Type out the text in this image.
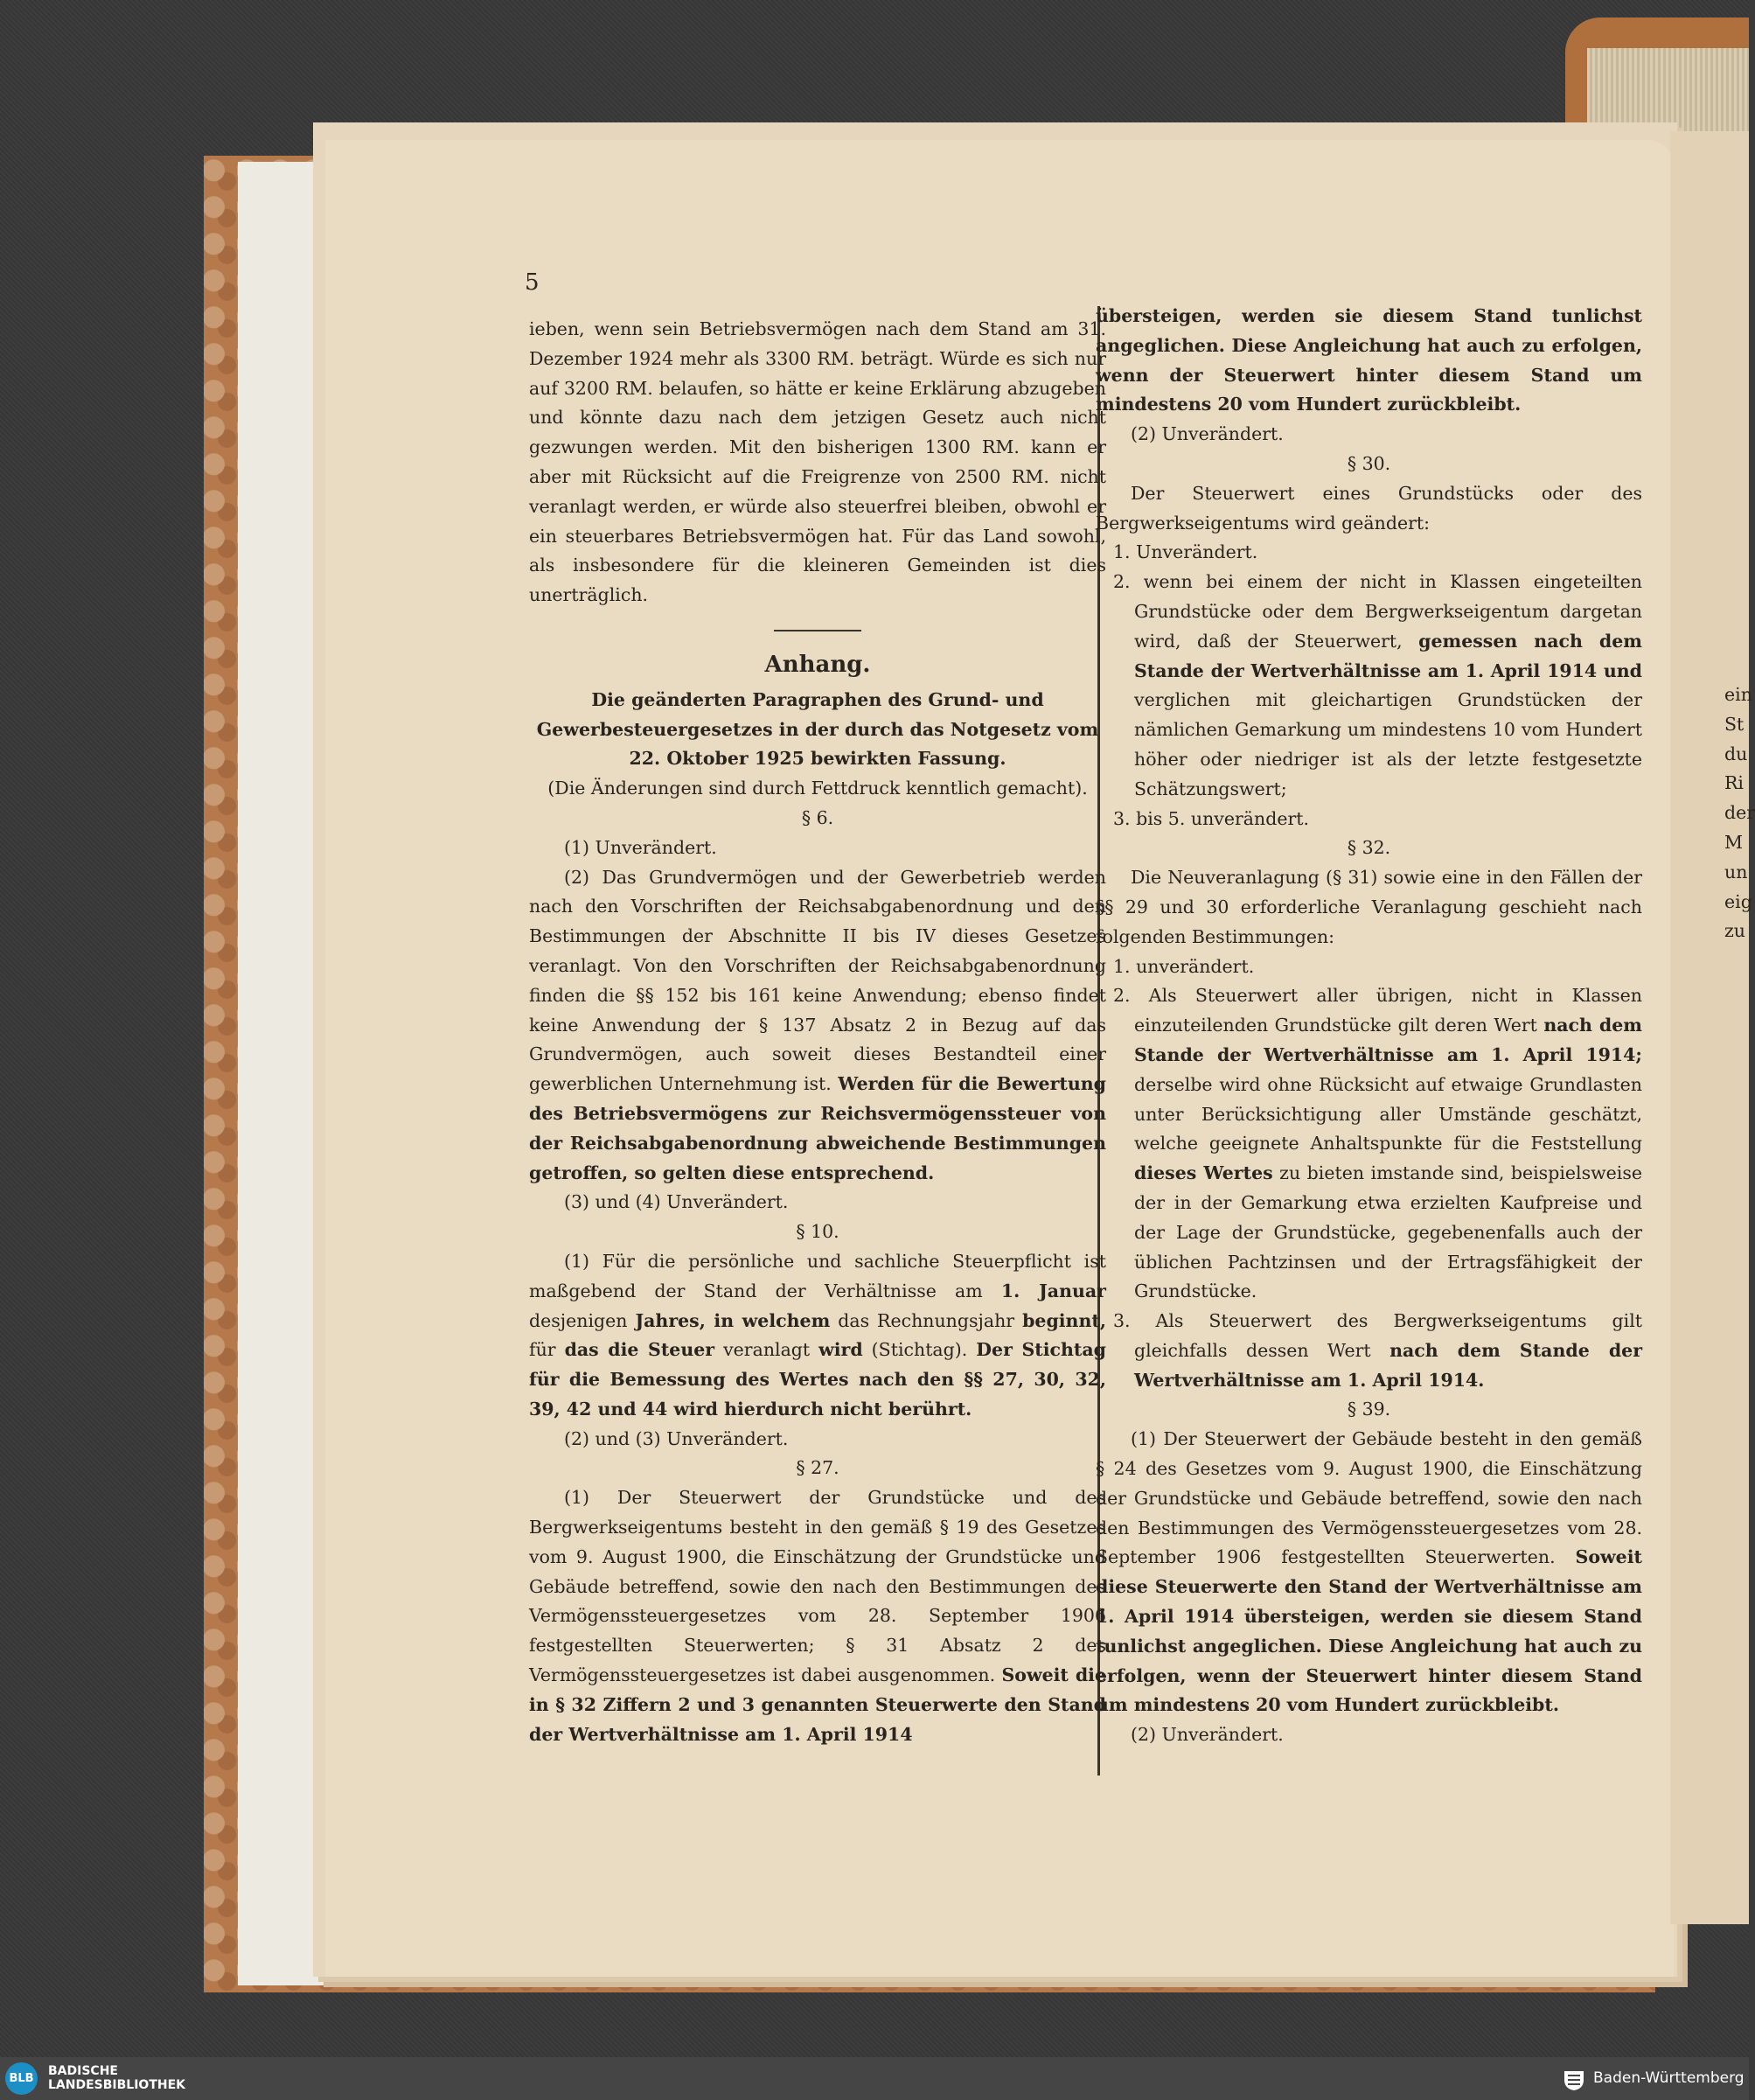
ein
St
du
Ri
der
M
un
eig
zu
5

ieben, wenn sein Betriebsvermögen nach dem Stand am 31. Dezember 1924 mehr als 3300 RM. beträgt. Würde es sich nur auf 3200 RM. belaufen, so hätte er keine Erklärung abzugeben und könnte dazu nach dem jetzigen Gesetz auch nicht gezwungen werden. Mit den bisherigen 1300 RM. kann er aber mit Rücksicht auf die Freigrenze von 2500 RM. nicht veranlagt werden, er würde also steuerfrei bleiben, obwohl er ein steuerbares Betriebsvermögen hat. Für das Land sowohl, als insbesondere für die kleineren Gemeinden ist dies unerträglich.

Anhang.

Die geänderten Paragraphen des Grund- und Gewerbesteuergesetzes in der durch das Notgesetz vom 22. Oktober 1925 bewirkten Fassung.

(Die Änderungen sind durch Fettdruck kenntlich gemacht).

§ 6.

(1) Unverändert.

(2) Das Grundvermögen und der Gewerbetrieb werden nach den Vorschriften der Reichsabgabenordnung und den Bestimmungen der Abschnitte II bis IV dieses Gesetzes veranlagt. Von den Vorschriften der Reichsabgabenordnung finden die §§ 152 bis 161 keine Anwendung; ebenso findet keine Anwendung der § 137 Absatz 2 in Bezug auf das Grundvermögen, auch soweit dieses Bestandteil einer gewerblichen Unternehmung ist. Werden für die Bewertung des Betriebsvermögens zur Reichsvermögenssteuer von der Reichsabgabenordnung abweichende Bestimmungen getroffen, so gelten diese entsprechend.

(3) und (4) Unverändert.

§ 10.

(1) Für die persönliche und sachliche Steuerpflicht ist maßgebend der Stand der Verhältnisse am 1. Januar desjenigen Jahres, in welchem das Rechnungsjahr beginnt, für das die Steuer veranlagt wird (Stichtag). Der Stichtag für die Bemessung des Wertes nach den §§ 27, 30, 32, 39, 42 und 44 wird hierdurch nicht berührt.

(2) und (3) Unverändert.

§ 27.

(1) Der Steuerwert der Grundstücke und des Bergwerkseigentums besteht in den gemäß § 19 des Gesetzes vom 9. August 1900, die Einschätzung der Grundstücke und Gebäude betreffend, sowie den nach den Bestimmungen des Vermögenssteuergesetzes vom 28. September 1906 festgestellten Steuerwerten; § 31 Absatz 2 des Vermögenssteuergesetzes ist dabei ausgenommen. Soweit die in § 32 Ziffern 2 und 3 genannten Steuerwerte den Stand der Wertverhältnisse am 1. April 1914

übersteigen, werden sie diesem Stand tunlichst angeglichen. Diese Angleichung hat auch zu erfolgen, wenn der Steuerwert hinter diesem Stand um mindestens 20 vom Hundert zurückbleibt.

(2) Unverändert.

§ 30.

Der Steuerwert eines Grundstücks oder des Bergwerkseigentums wird geändert:

1. Unverändert.

2. wenn bei einem der nicht in Klassen eingeteilten Grundstücke oder dem Bergwerkseigentum dargetan wird, daß der Steuerwert, gemessen nach dem Stande der Wertverhältnisse am 1. April 1914 und verglichen mit gleichartigen Grundstücken der nämlichen Gemarkung um mindestens 10 vom Hundert höher oder niedriger ist als der letzte festgesetzte Schätzungswert;

3. bis 5. unverändert.

§ 32.

Die Neuveranlagung (§ 31) sowie eine in den Fällen der §§ 29 und 30 erforderliche Veranlagung geschieht nach folgenden Bestimmungen:

1. unverändert.

2. Als Steuerwert aller übrigen, nicht in Klassen einzuteilenden Grundstücke gilt deren Wert nach dem Stande der Wertverhältnisse am 1. April 1914; derselbe wird ohne Rücksicht auf etwaige Grundlasten unter Berücksichtigung aller Umstände geschätzt, welche geeignete Anhaltspunkte für die Feststellung dieses Wertes zu bieten imstande sind, beispielsweise der in der Gemarkung etwa erzielten Kaufpreise und der Lage der Grundstücke, gegebenenfalls auch der üblichen Pachtzinsen und der Ertragsfähigkeit der Grundstücke.

3. Als Steuerwert des Bergwerkseigentums gilt gleichfalls dessen Wert nach dem Stande der Wertverhältnisse am 1. April 1914.

§ 39.

(1) Der Steuerwert der Gebäude besteht in den gemäß § 24 des Gesetzes vom 9. August 1900, die Einschätzung der Grundstücke und Gebäude betreffend, sowie den nach den Bestimmungen des Vermögenssteuergesetzes vom 28. September 1906 festgestellten Steuerwerten. Soweit diese Steuerwerte den Stand der Wertverhältnisse am 1. April 1914 übersteigen, werden sie diesem Stand tunlichst angeglichen. Diese Angleichung hat auch zu erfolgen, wenn der Steuerwert hinter diesem Stand um mindestens 20 vom Hundert zurückbleibt.

(2) Unverändert.

BLB
BADISCHE
LANDESBIBLIOTHEK	Baden-Württemberg
